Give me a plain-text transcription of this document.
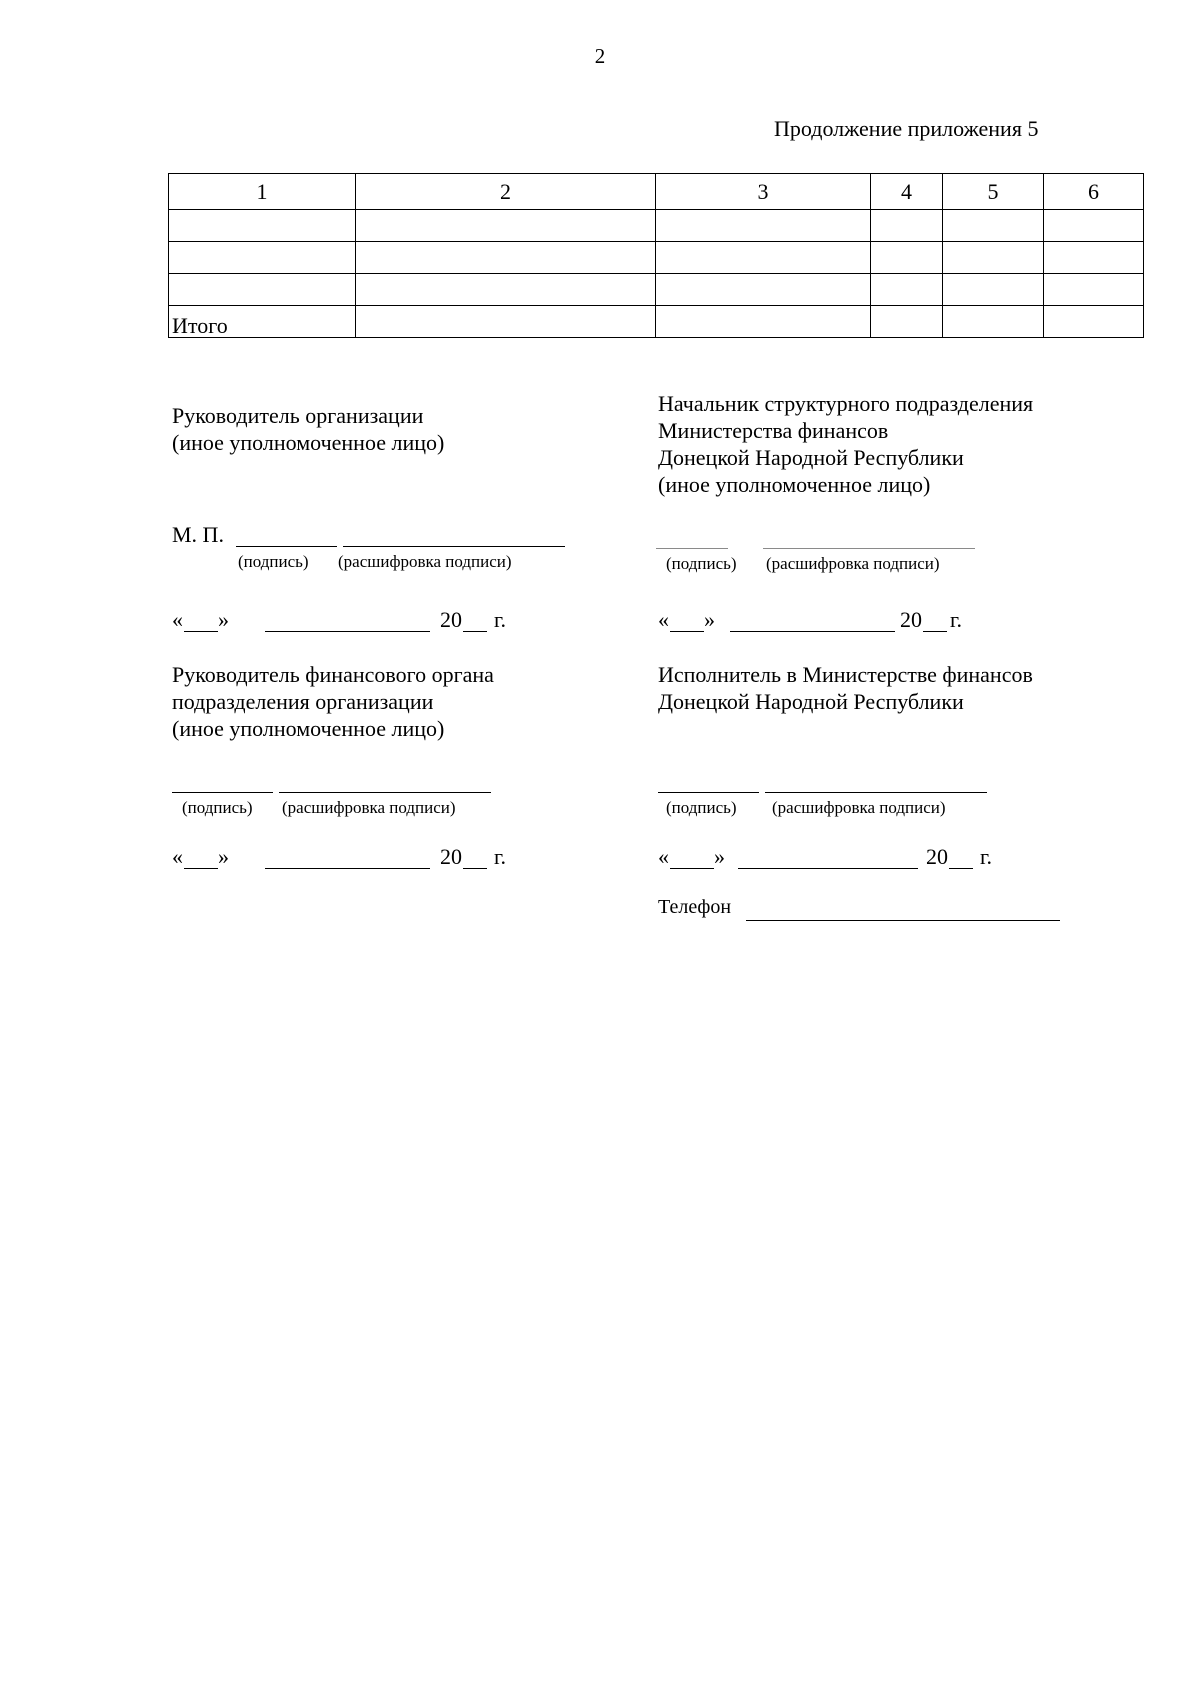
2
Продолжение приложения 5
1	2	3	4	5	6

Итого					
Руководитель организации
(иное уполномоченное лицо)
М. П.
(подпись) (расшифровка подписи)
« »	20 г.
Начальник структурного подразделения
Министерства финансов
Донецкой Народной Республики
(иное уполномоченное лицо)
(подпись) (расшифровка подписи)
« »	20 г.
Руководитель финансового органа
подразделения организации
(иное уполномоченное лицо)
(подпись) (расшифровка подписи)
« »	20 г.
Исполнитель в Министерстве финансов
Донецкой Народной Республики
(подпись) (расшифровка подписи)
« »	20 г.
Телефон
